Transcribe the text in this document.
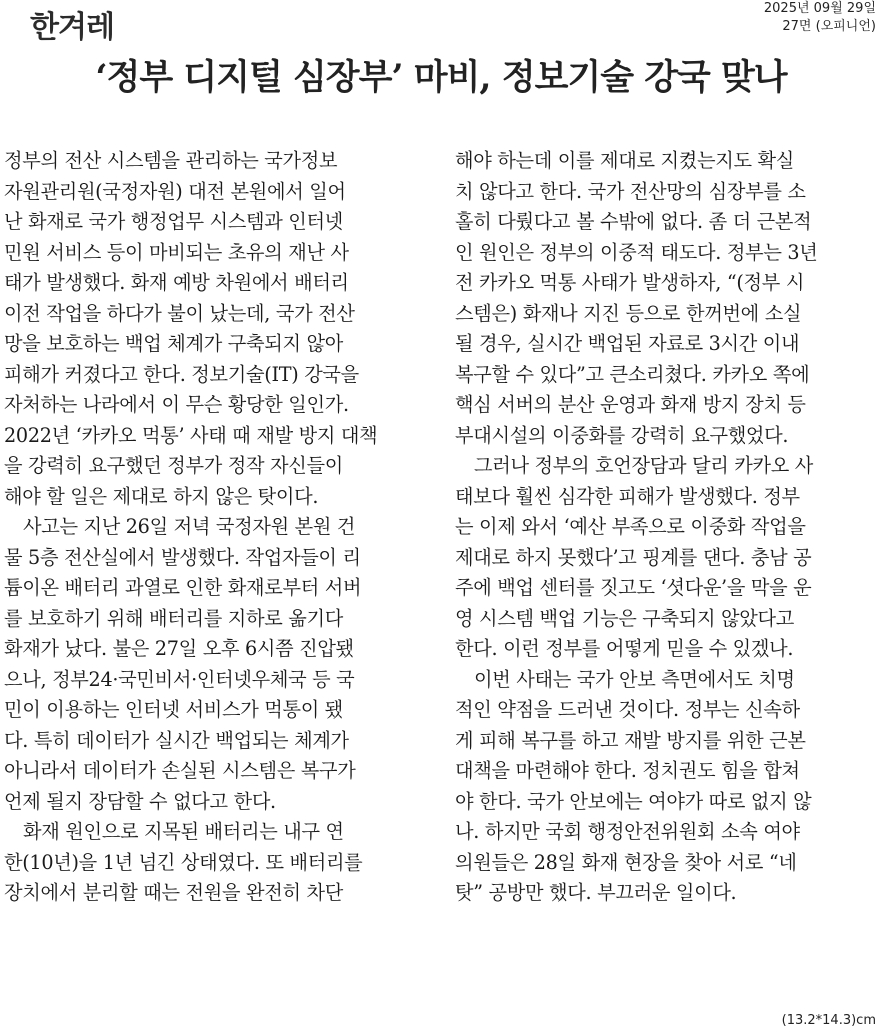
한겨레
2025년 09월 29일
27면 (오피니언)
‘정부 디지털 심장부’ 마비, 정보기술 강국 맞나
정부의 전산 시스템을 관리하는 국가정보
자원관리원(국정자원) 대전 본원에서 일어
난 화재로 국가 행정업무 시스템과 인터넷
민원 서비스 등이 마비되는 초유의 재난 사
태가 발생했다. 화재 예방 차원에서 배터리
이전 작업을 하다가 불이 났는데, 국가 전산
망을 보호하는 백업 체계가 구축되지 않아
피해가 커졌다고 한다. 정보기술(IT) 강국을
자처하는 나라에서 이 무슨 황당한 일인가.
2022년 ‘카카오 먹통’ 사태 때 재발 방지 대책
을 강력히 요구했던 정부가 정작 자신들이
해야 할 일은 제대로 하지 않은 탓이다.
사고는 지난 26일 저녁 국정자원 본원 건
물 5층 전산실에서 발생했다. 작업자들이 리
튬이온 배터리 과열로 인한 화재로부터 서버
를 보호하기 위해 배터리를 지하로 옮기다
화재가 났다. 불은 27일 오후 6시쯤 진압됐
으나, 정부24·국민비서·인터넷우체국 등 국
민이 이용하는 인터넷 서비스가 먹통이 됐
다. 특히 데이터가 실시간 백업되는 체계가
아니라서 데이터가 손실된 시스템은 복구가
언제 될지 장담할 수 없다고 한다.
화재 원인으로 지목된 배터리는 내구 연
한(10년)을 1년 넘긴 상태였다. 또 배터리를
장치에서 분리할 때는 전원을 완전히 차단
해야 하는데 이를 제대로 지켰는지도 확실
치 않다고 한다. 국가 전산망의 심장부를 소
홀히 다뤘다고 볼 수밖에 없다. 좀 더 근본적
인 원인은 정부의 이중적 태도다. 정부는 3년
전 카카오 먹통 사태가 발생하자, “(정부 시
스템은) 화재나 지진 등으로 한꺼번에 소실
될 경우, 실시간 백업된 자료로 3시간 이내
복구할 수 있다”고 큰소리쳤다. 카카오 쪽에
핵심 서버의 분산 운영과 화재 방지 장치 등
부대시설의 이중화를 강력히 요구했었다.
그러나 정부의 호언장담과 달리 카카오 사
태보다 훨씬 심각한 피해가 발생했다. 정부
는 이제 와서 ‘예산 부족으로 이중화 작업을
제대로 하지 못했다’고 핑계를 댄다. 충남 공
주에 백업 센터를 짓고도 ‘셧다운’을 막을 운
영 시스템 백업 기능은 구축되지 않았다고
한다. 이런 정부를 어떻게 믿을 수 있겠나.
이번 사태는 국가 안보 측면에서도 치명
적인 약점을 드러낸 것이다. 정부는 신속하
게 피해 복구를 하고 재발 방지를 위한 근본
대책을 마련해야 한다. 정치권도 힘을 합쳐
야 한다. 국가 안보에는 여야가 따로 없지 않
나. 하지만 국회 행정안전위원회 소속 여야
의원들은 28일 화재 현장을 찾아 서로 “네
탓” 공방만 했다. 부끄러운 일이다.
(13.2*14.3)cm
